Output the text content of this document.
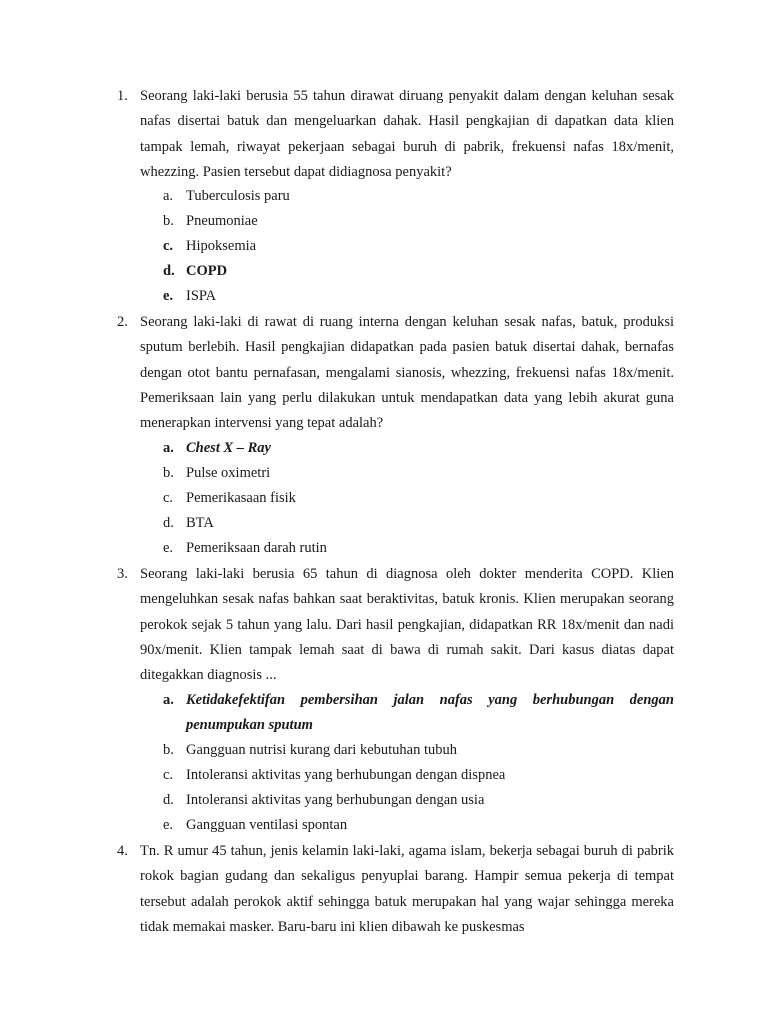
1. Seorang laki-laki berusia 55 tahun dirawat diruang penyakit dalam dengan keluhan sesak nafas disertai batuk dan mengeluarkan dahak. Hasil pengkajian di dapatkan data klien tampak lemah, riwayat pekerjaan sebagai buruh di pabrik, frekuensi nafas 18x/menit, whezzing. Pasien tersebut dapat didiagnosa penyakit?
a. Tuberculosis paru
b. Pneumoniae
c. Hipoksemia
d. COPD
e. ISPA
2. Seorang laki-laki di rawat di ruang interna dengan keluhan sesak nafas, batuk, produksi sputum berlebih. Hasil pengkajian didapatkan pada pasien batuk disertai dahak, bernafas dengan otot bantu pernafasan, mengalami sianosis, whezzing, frekuensi nafas 18x/menit. Pemeriksaan lain yang perlu dilakukan untuk mendapatkan data yang lebih akurat guna menerapkan intervensi yang tepat adalah?
a. Chest X – Ray
b. Pulse oximetri
c. Pemerikasaan fisik
d. BTA
e. Pemeriksaan darah rutin
3. Seorang laki-laki berusia 65 tahun di diagnosa oleh dokter menderita COPD. Klien mengeluhkan sesak nafas bahkan saat beraktivitas, batuk kronis. Klien merupakan seorang perokok sejak 5 tahun yang lalu. Dari hasil pengkajian, didapatkan RR 18x/menit dan nadi 90x/menit. Klien tampak lemah saat di bawa di rumah sakit. Dari kasus diatas dapat ditegakkan diagnosis ...
a. Ketidakefektifan pembersihan jalan nafas yang berhubungan dengan penumpukan sputum
b. Gangguan nutrisi kurang dari kebutuhan tubuh
c. Intoleransi aktivitas yang berhubungan dengan dispnea
d. Intoleransi aktivitas yang berhubungan dengan usia
e. Gangguan ventilasi spontan
4. Tn. R umur 45 tahun, jenis kelamin laki-laki, agama islam, bekerja sebagai buruh di pabrik rokok bagian gudang dan sekaligus penyuplai barang. Hampir semua pekerja di tempat tersebut adalah perokok aktif sehingga batuk merupakan hal yang wajar sehingga mereka tidak memakai masker. Baru-baru ini klien dibawah ke puskesmas
